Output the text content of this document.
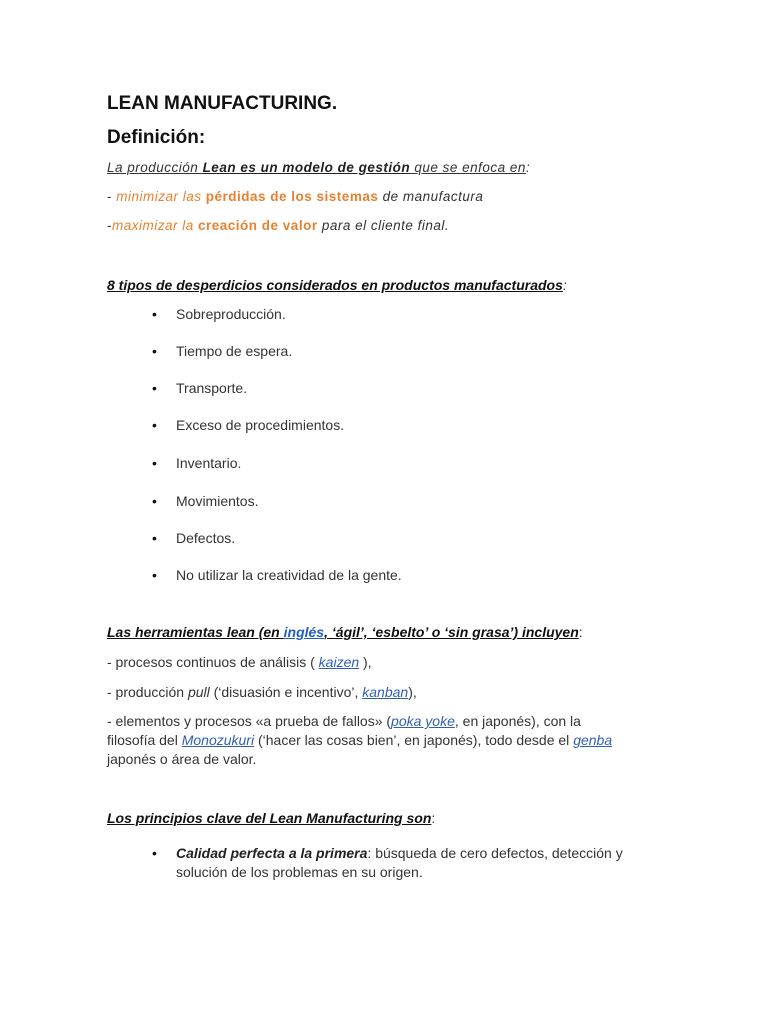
LEAN MANUFACTURING.
Definición:

La producción Lean es un modelo de gestión que se enfoca en:

- minimizar las pérdidas de los sistemas de manufactura

-maximizar la creación de valor para el cliente final.

8 tipos de desperdicios considerados en productos manufacturados:

• Sobreproducción.
• Tiempo de espera.
• Transporte.
• Exceso de procedimientos.
• Inventario.
• Movimientos.
• Defectos.
• No utilizar la creatividad de la gente.

Las herramientas lean (en inglés, ‘ágil’, ‘esbelto’ o ‘sin grasa’) incluyen:

- procesos continuos de análisis ( kaizen ),

- producción pull (‘disuasión e incentivo’, kanban),

- elementos y procesos «a prueba de fallos» (poka yoke, en japonés), con la filosofía del Monozukuri (‘hacer las cosas bien’, en japonés), todo desde el genba japonés o área de valor.

Los principios clave del Lean Manufacturing son:

• Calidad perfecta a la primera: búsqueda de cero defectos, detección y solución de los problemas en su origen.
